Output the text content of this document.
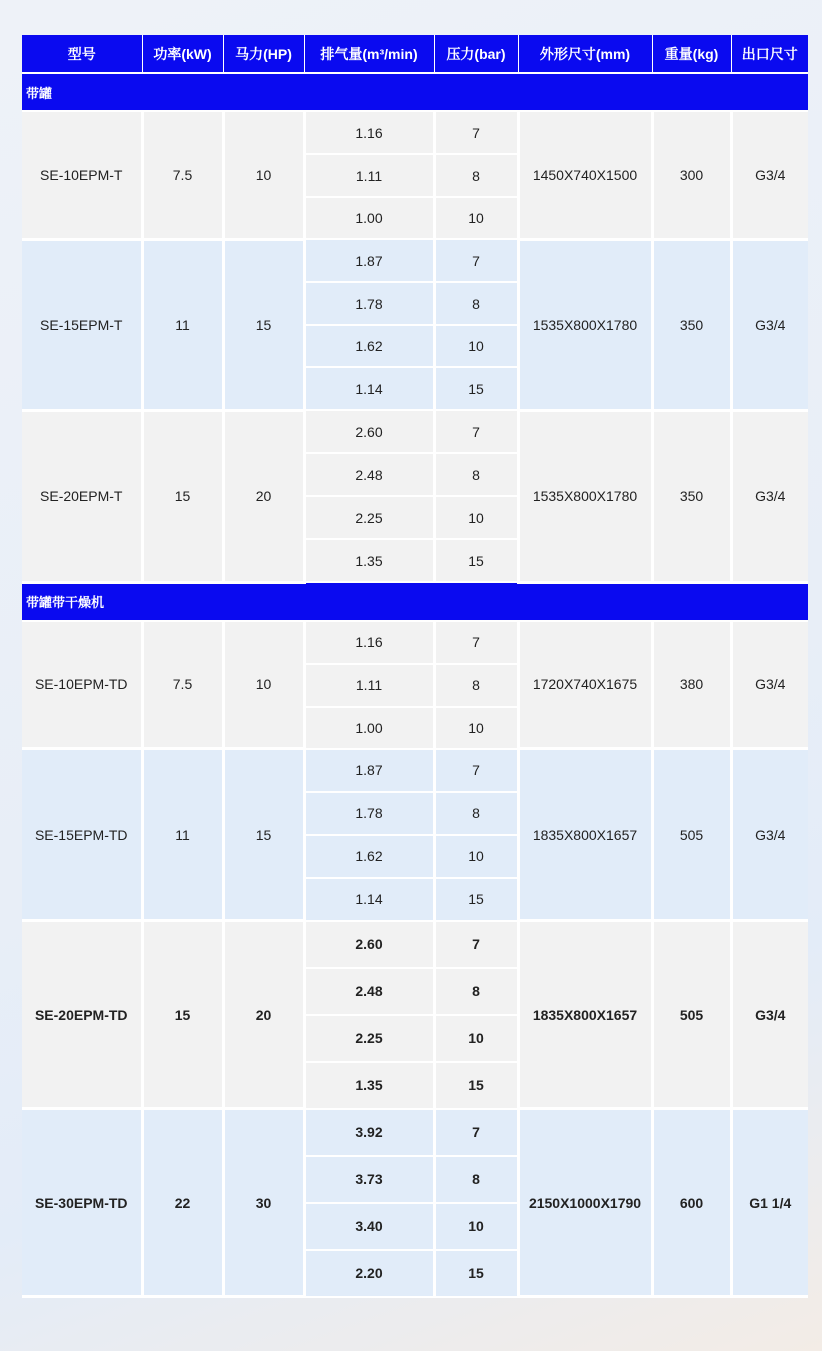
型号	功率(kW)	马力(HP)	排气量(m³/min)	压力(bar)	外形尺寸(mm)	重量(kg)	出口尺寸
带罐							
SE-10EPM-T	7.5	10	1.16	7	1450X740X1500	300	G3/4
			1.11	8			
			1.00	10			
SE-15EPM-T	11	15	1.87	7	1535X800X1780	350	G3/4
			1.78	8			
			1.62	10			
			1.14	15			
SE-20EPM-T	15	20	2.60	7	1535X800X1780	350	G3/4
			2.48	8			
			2.25	10			
			1.35	15			
带罐带干燥机							
SE-10EPM-TD	7.5	10	1.16	7	1720X740X1675	380	G3/4
			1.11	8			
			1.00	10			
SE-15EPM-TD	11	15	1.87	7	1835X800X1657	505	G3/4
			1.78	8			
			1.62	10			
			1.14	15			
SE-20EPM-TD	15	20	2.60	7	1835X800X1657	505	G3/4
			2.48	8			
			2.25	10			
			1.35	15			
SE-30EPM-TD	22	30	3.92	7	2150X1000X1790	600	G1 1/4
			3.73	8			
			3.40	10			
			2.20	15			
